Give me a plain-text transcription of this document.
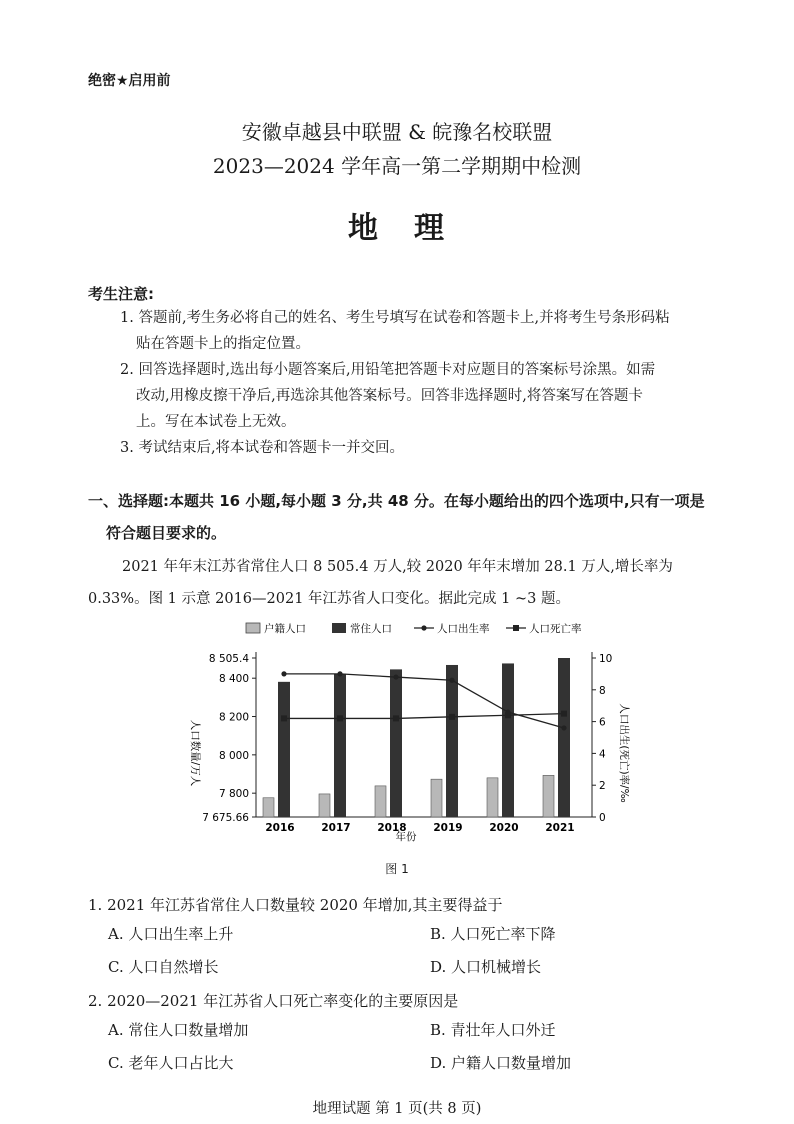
绝密★启用前
安徽卓越县中联盟 & 皖豫名校联盟
2023—2024 学年高一第二学期期中检测
地 理
考生注意:
1. 答题前,考生务必将自己的姓名、考生号填写在试卷和答题卡上,并将考生号条形码粘
贴在答题卡上的指定位置。
2. 回答选择题时,选出每小题答案后,用铅笔把答题卡对应题目的答案标号涂黑。如需
改动,用橡皮擦干净后,再选涂其他答案标号。回答非选择题时,将答案写在答题卡
上。写在本试卷上无效。
3. 考试结束后,将本试卷和答题卡一并交回。
一、选择题:本题共 16 小题,每小题 3 分,共 48 分。在每小题给出的四个选项中,只有一项是
符合题目要求的。
2021 年年末江苏省常住人口 8 505.4 万人,较 2020 年年末增加 28.1 万人,增长率为
0.33%。图 1 示意 2016—2021 年江苏省人口变化。据此完成 1 ~3 题。
户籍人口	常住人口	人口出生率	人口死亡率
8 505.4
8 400
8 200
8 000
7 800
7 675.66
10
8
6
4
2
0
2016	2017	2018	2019	2020	2021
年份
人口数量/万人	人口出生(死亡)率/‰
图 1
1. 2021 年江苏省常住人口数量较 2020 年增加,其主要得益于
A. 人口出生率上升	B. 人口死亡率下降
C. 人口自然增长	D. 人口机械增长
2. 2020—2021 年江苏省人口死亡率变化的主要原因是
A. 常住人口数量增加	B. 青壮年人口外迁
C. 老年人口占比大	D. 户籍人口数量增加
地理试题 第 1 页(共 8 页)
